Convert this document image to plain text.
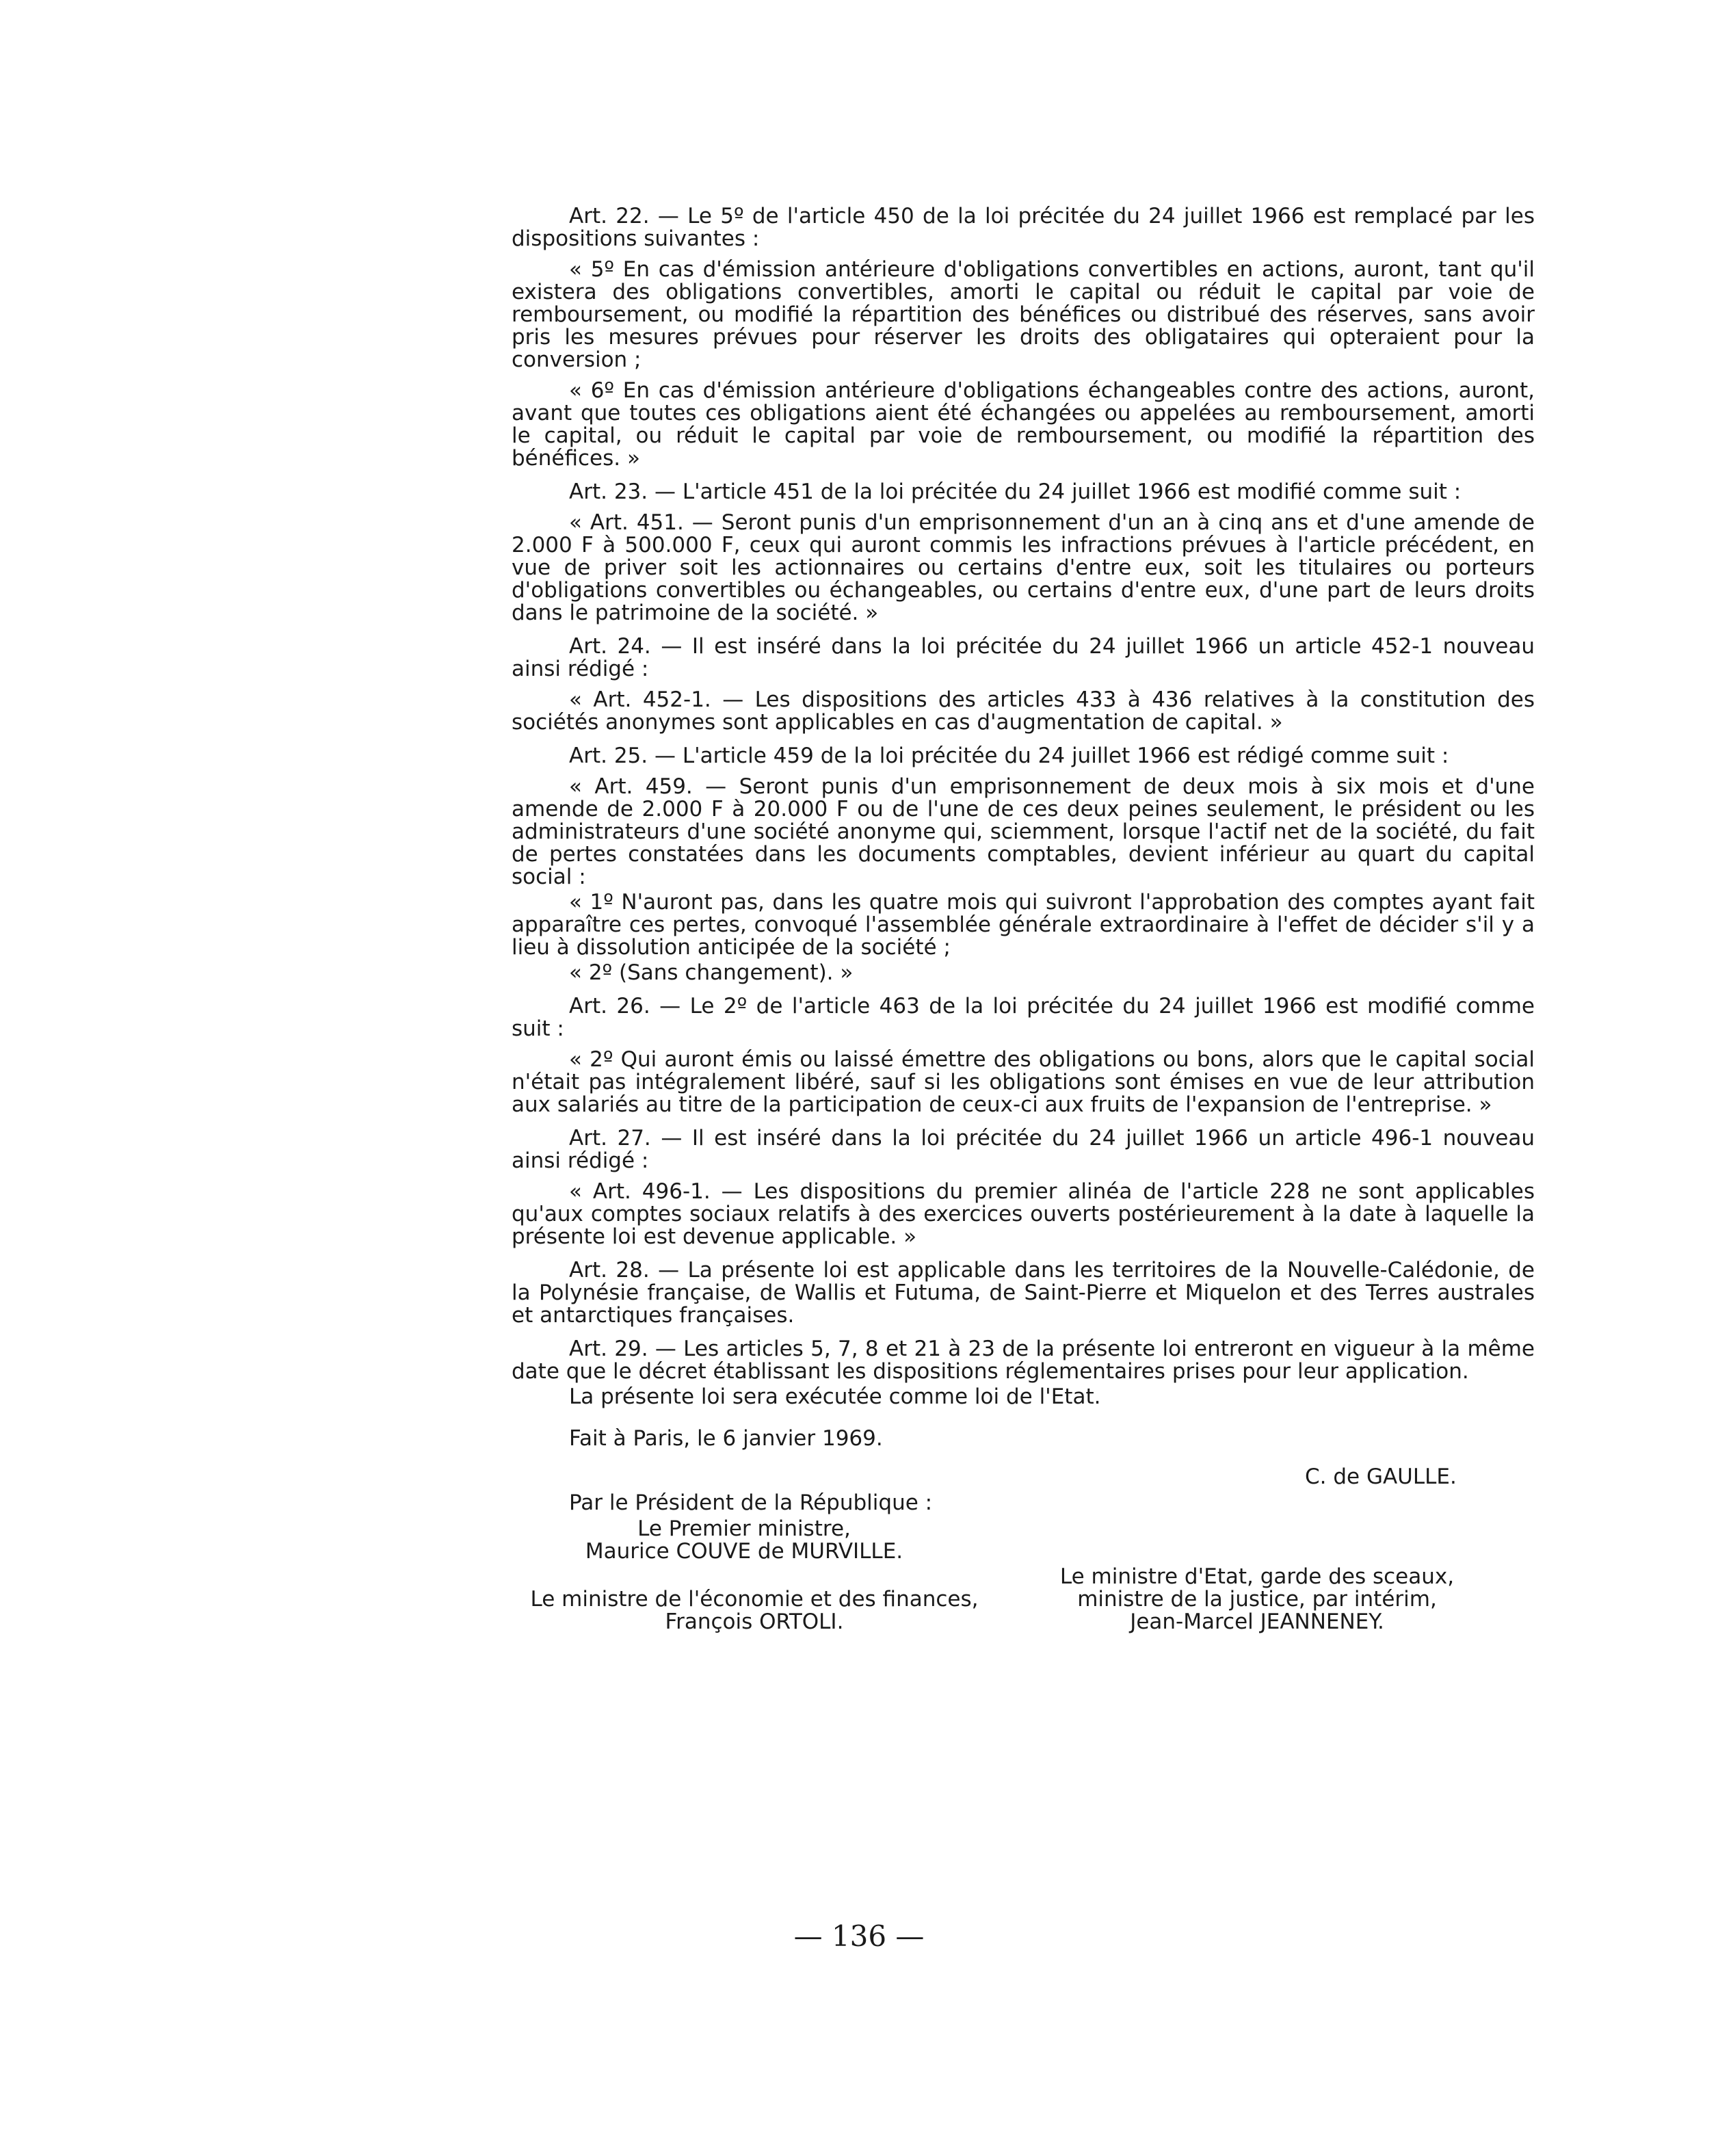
Art. 22. — Le 5º de l'article 450 de la loi précitée du 24 juillet 1966 est remplacé par les dispositions suivantes :

« 5º En cas d'émission antérieure d'obligations convertibles en actions, auront, tant qu'il existera des obligations convertibles, amorti le capital ou réduit le capital par voie de remboursement, ou modifié la répartition des bénéfices ou distribué des réserves, sans avoir pris les mesures prévues pour réserver les droits des obligataires qui opteraient pour la conversion ;

« 6º En cas d'émission antérieure d'obligations échangeables contre des actions, auront, avant que toutes ces obligations aient été échangées ou appelées au remboursement, amorti le capital, ou réduit le capital par voie de remboursement, ou modifié la répartition des bénéfices. »

Art. 23. — L'article 451 de la loi précitée du 24 juillet 1966 est modifié comme suit :

« Art. 451. — Seront punis d'un emprisonnement d'un an à cinq ans et d'une amende de 2.000 F à 500.000 F, ceux qui auront commis les infractions prévues à l'article précédent, en vue de priver soit les actionnaires ou certains d'entre eux, soit les titulaires ou porteurs d'obligations convertibles ou échangeables, ou certains d'entre eux, d'une part de leurs droits dans le patrimoine de la société. »

Art. 24. — Il est inséré dans la loi précitée du 24 juillet 1966 un article 452-1 nouveau ainsi rédigé :

« Art. 452-1. — Les dispositions des articles 433 à 436 relatives à la constitution des sociétés anonymes sont applicables en cas d'augmentation de capital. »

Art. 25. — L'article 459 de la loi précitée du 24 juillet 1966 est rédigé comme suit :

« Art. 459. — Seront punis d'un emprisonnement de deux mois à six mois et d'une amende de 2.000 F à 20.000 F ou de l'une de ces deux peines seulement, le président ou les administrateurs d'une société anonyme qui, sciemment, lorsque l'actif net de la société, du fait de pertes constatées dans les documents comptables, devient inférieur au quart du capital social :

« 1º N'auront pas, dans les quatre mois qui suivront l'approbation des comptes ayant fait apparaître ces pertes, convoqué l'assemblée générale extraordinaire à l'effet de décider s'il y a lieu à dissolution anticipée de la société ;

« 2º (Sans changement). »

Art. 26. — Le 2º de l'article 463 de la loi précitée du 24 juillet 1966 est modifié comme suit :

« 2º Qui auront émis ou laissé émettre des obligations ou bons, alors que le capital social n'était pas intégralement libéré, sauf si les obligations sont émises en vue de leur attribution aux salariés au titre de la participation de ceux-ci aux fruits de l'expansion de l'entreprise. »

Art. 27. — Il est inséré dans la loi précitée du 24 juillet 1966 un article 496-1 nouveau ainsi rédigé :

« Art. 496-1. — Les dispositions du premier alinéa de l'article 228 ne sont applicables qu'aux comptes sociaux relatifs à des exercices ouverts postérieurement à la date à laquelle la présente loi est devenue applicable. »

Art. 28. — La présente loi est applicable dans les territoires de la Nouvelle-Calédonie, de la Polynésie française, de Wallis et Futuma, de Saint-Pierre et Miquelon et des Terres australes et antarctiques françaises.

Art. 29. — Les articles 5, 7, 8 et 21 à 23 de la présente loi entreront en vigueur à la même date que le décret établissant les dispositions réglementaires prises pour leur application.

La présente loi sera exécutée comme loi de l'Etat.

Fait à Paris, le 6 janvier 1969.
C. de GAULLE.
Par le Président de la République :
Le Premier ministre,
Maurice COUVE de MURVILLE.
Le ministre d'Etat, garde des sceaux,
Le ministre de l'économie et des finances,	ministre de la justice, par intérim,
François ORTOLI.	Jean-Marcel JEANNENEY.
— 136 —
